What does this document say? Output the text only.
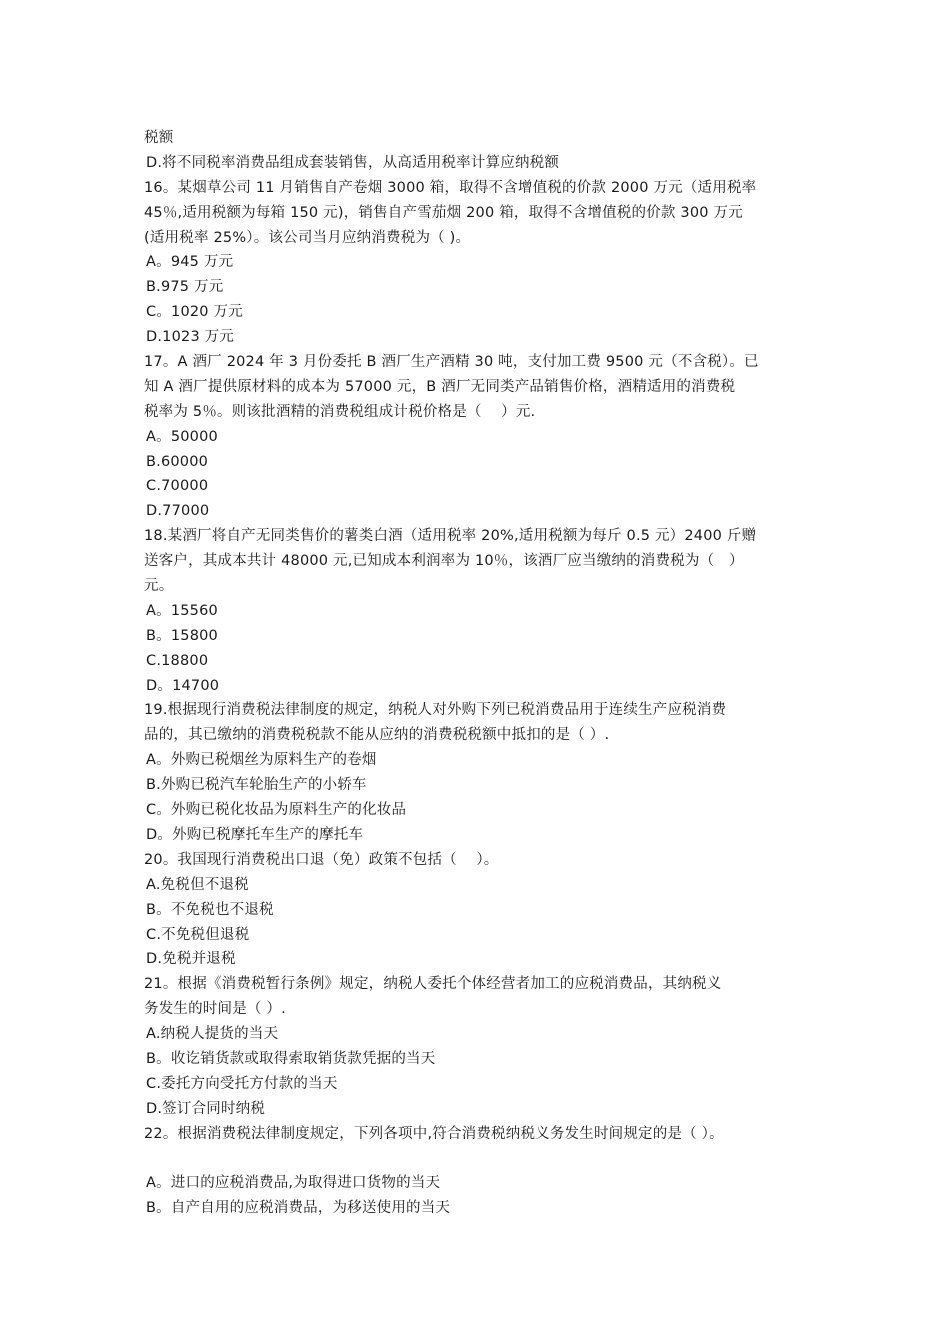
税额
D.将不同税率消费品组成套装销售，从高适用税率计算应纳税额
16。某烟草公司 11 月销售自产卷烟 3000 箱，取得不含增值税的价款 2000 万元（适用税率
45％,适用税额为每箱 150 元)，销售自产雪茄烟 200 箱，取得不含增值税的价款 300 万元
(适用税率 25%）。该公司当月应纳消费税为（ )。
A。945 万元
B.975 万元
C。1020 万元
D.1023 万元
17。A 酒厂 2024 年 3 月份委托 B 酒厂生产酒精 30 吨，支付加工费 9500 元（不含税）。已
知 A 酒厂提供原材料的成本为 57000 元，B 酒厂无同类产品销售价格，酒精适用的消费税
税率为 5％。则该批酒精的消费税组成计税价格是（　 ）元.
A。50000
B.60000
C.70000
D.77000
18.某酒厂将自产无同类售价的薯类白酒（适用税率 20%,适用税额为每斤 0.5 元）2400 斤赠
送客户，其成本共计 48000 元,已知成本利润率为 10％，该酒厂应当缴纳的消费税为（　）
元。
A。15560
B。15800
C.18800
D。14700
19.根据现行消费税法律制度的规定，纳税人对外购下列已税消费品用于连续生产应税消费
品的，其已缴纳的消费税税款不能从应纳的消费税税额中抵扣的是（ ）.
A。外购已税烟丝为原料生产的卷烟
B.外购已税汽车轮胎生产的小轿车
C。外购已税化妆品为原料生产的化妆品
D。外购已税摩托车生产的摩托车
20。我国现行消费税出口退（免）政策不包括（　 ）。
A.免税但不退税
B。不免税也不退税
C.不免税但退税
D.免税并退税
21。根据《消费税暂行条例》规定，纳税人委托个体经营者加工的应税消费品，其纳税义
务发生的时间是（ ）.
A.纳税人提货的当天
B。收讫销货款或取得索取销货款凭据的当天
C.委托方向受托方付款的当天
D.签订合同时纳税
22。根据消费税法律制度规定，下列各项中,符合消费税纳税义务发生时间规定的是（ ）。
A。进口的应税消费品,为取得进口货物的当天
B。自产自用的应税消费品，为移送使用的当天
